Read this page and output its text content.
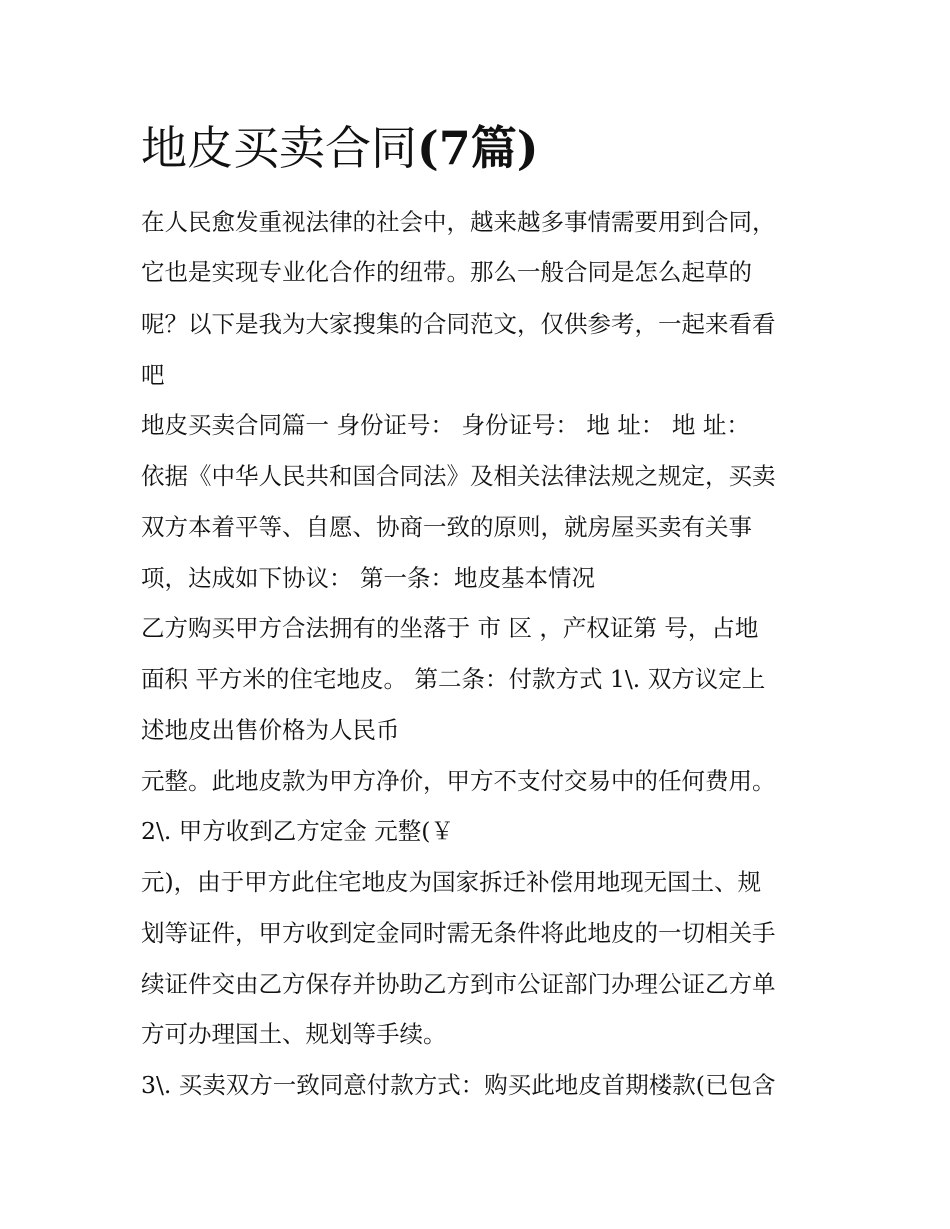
地皮买卖合同(7篇)
在人民愈发重视法律的社会中，越来越多事情需要用到合同，
它也是实现专业化合作的纽带。那么一般合同是怎么起草的
呢？以下是我为大家搜集的合同范文，仅供参考，一起来看看
吧
地皮买卖合同篇一 身份证号： 身份证号： 地 址： 地 址：
依据《中华人民共和国合同法》及相关法律法规之规定，买卖
双方本着平等、自愿、协商一致的原则，就房屋买卖有关事
项，达成如下协议： 第一条：地皮基本情况
乙方购买甲方合法拥有的坐落于 市 区 ，产权证第 号，占地
面积 平方米的住宅地皮。 第二条：付款方式 1\. 双方议定上
述地皮出售价格为人民币
元整。此地皮款为甲方净价，甲方不支付交易中的任何费用。
2\. 甲方收到乙方定金 元整(￥
元)，由于甲方此住宅地皮为国家拆迁补偿用地现无国土、规
划等证件，甲方收到定金同时需无条件将此地皮的一切相关手
续证件交由乙方保存并协助乙方到市公证部门办理公证乙方单
方可办理国土、规划等手续。
3\. 买卖双方一致同意付款方式：购买此地皮首期楼款(已包含
